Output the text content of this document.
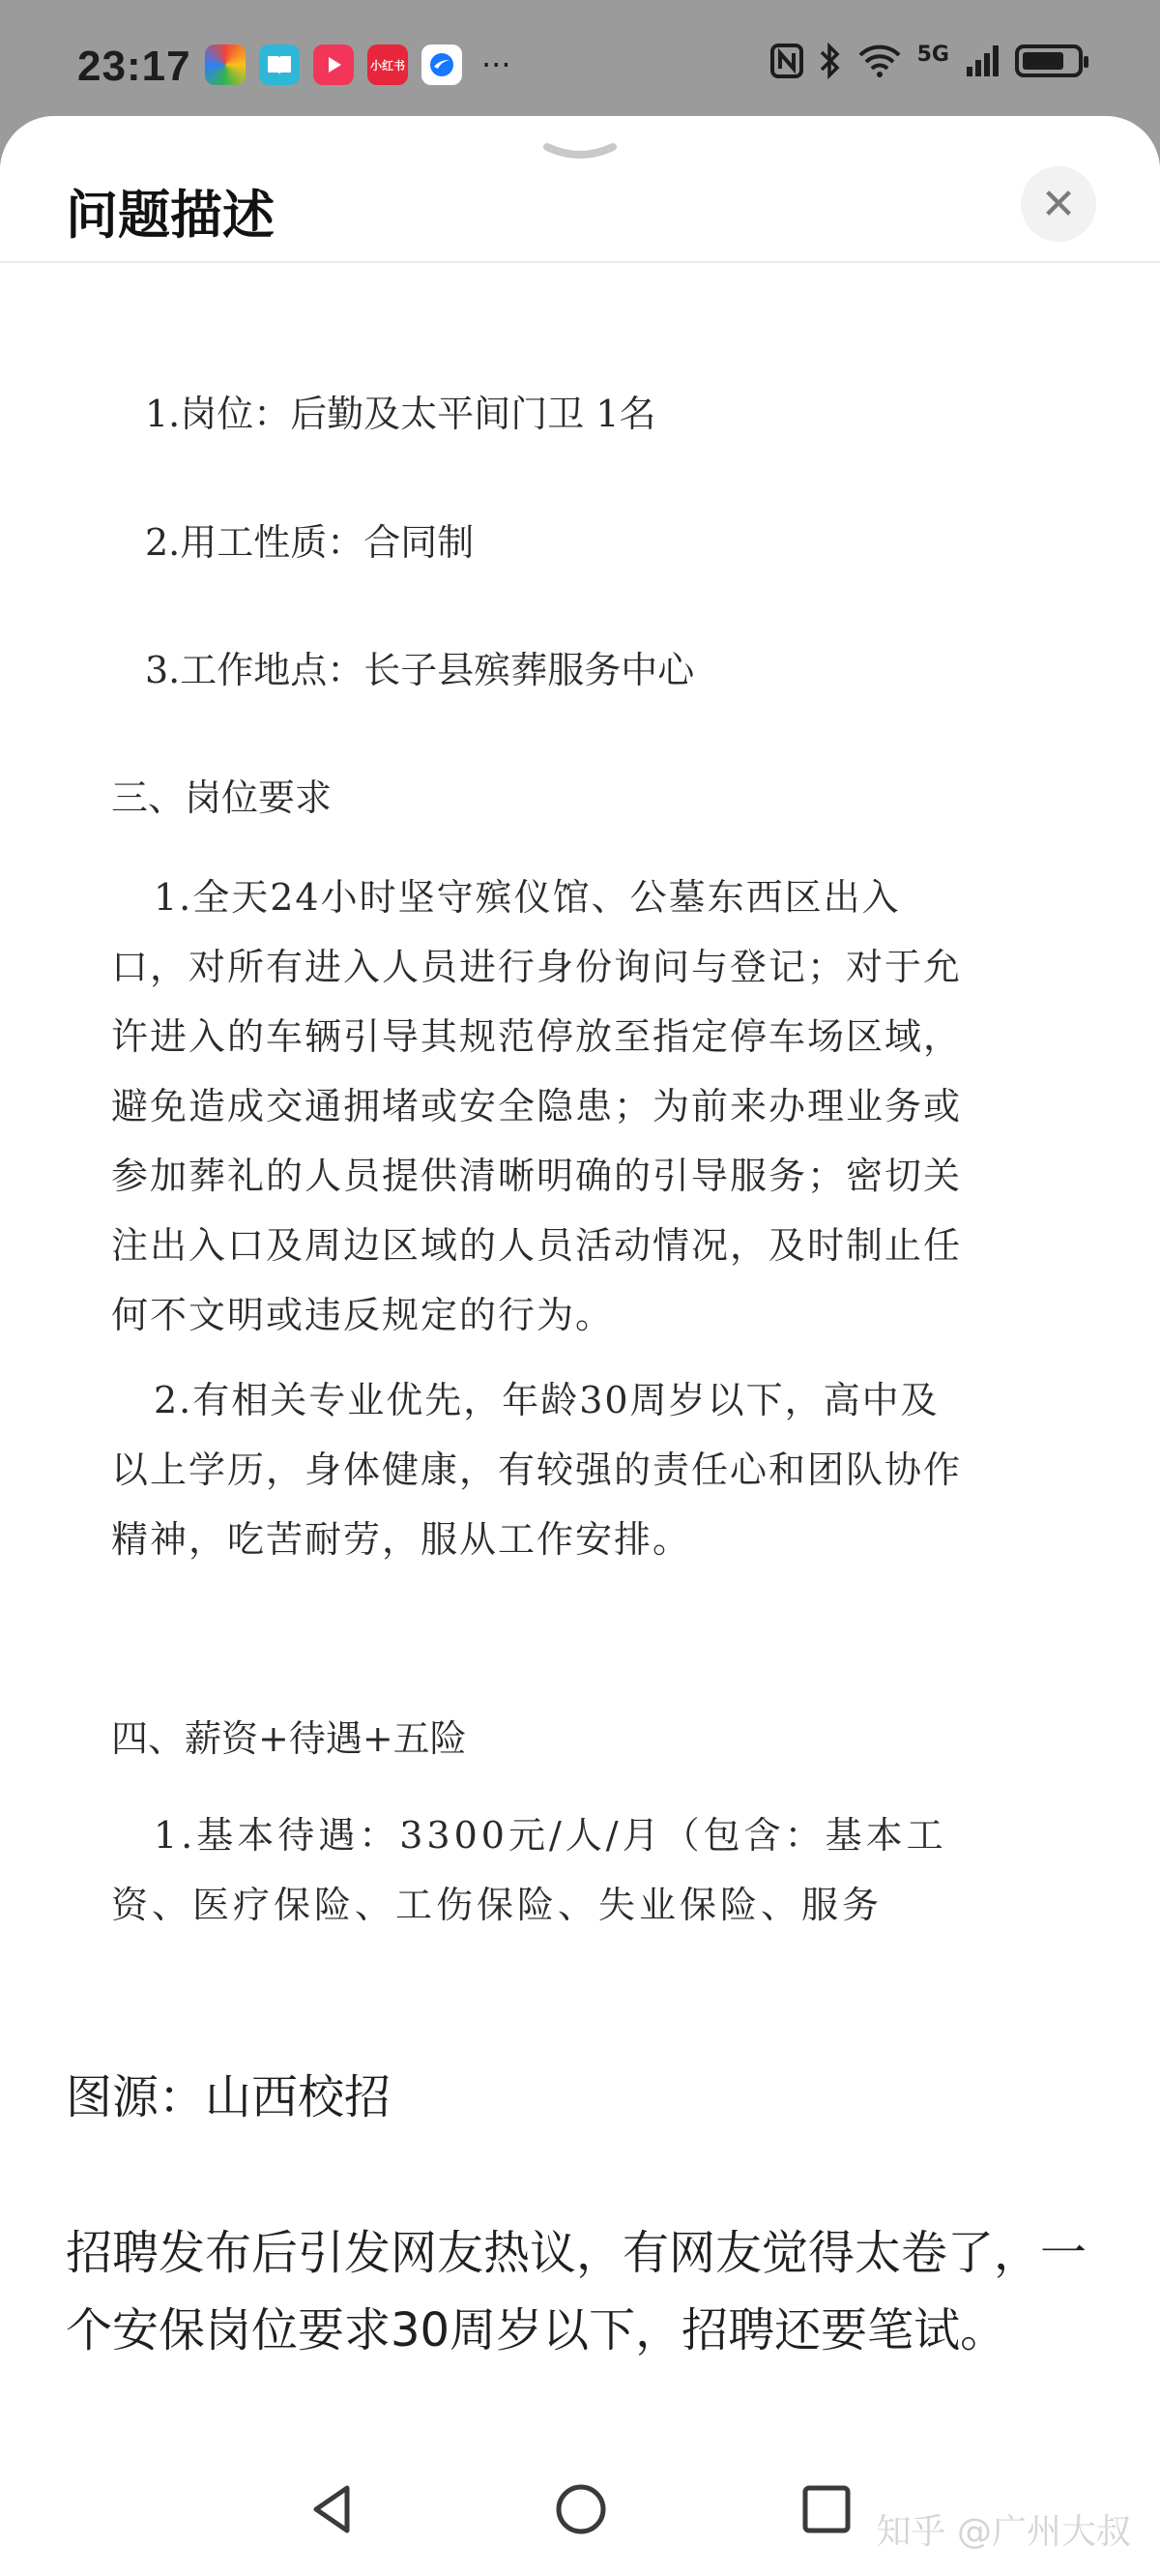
23:17	小红书 ···	5G
问题描述	✕
1.岗位：后勤及太平间门卫 1名
2.用工性质：合同制
3.工作地点：长子县殡葬服务中心
三、岗位要求
1.全天24小时坚守殡仪馆、公墓东西区出入口，对所有进入人员进行身份询问与登记；对于允许进入的车辆引导其规范停放至指定停车场区域，避免造成交通拥堵或安全隐患；为前来办理业务或参加葬礼的人员提供清晰明确的引导服务；密切关注出入口及周边区域的人员活动情况，及时制止任何不文明或违反规定的行为。
2.有相关专业优先，年龄30周岁以下，高中及以上学历，身体健康，有较强的责任心和团队协作精神，吃苦耐劳，服从工作安排。
四、薪资+待遇+五险
1.基本待遇：3300元/人/月（包含：基本工资、医疗保险、工伤保险、失业保险、服务
图源：山西校招
招聘发布后引发网友热议，有网友觉得太卷了，一个安保岗位要求30周岁以下，招聘还要笔试。
知乎 @广州大叔
